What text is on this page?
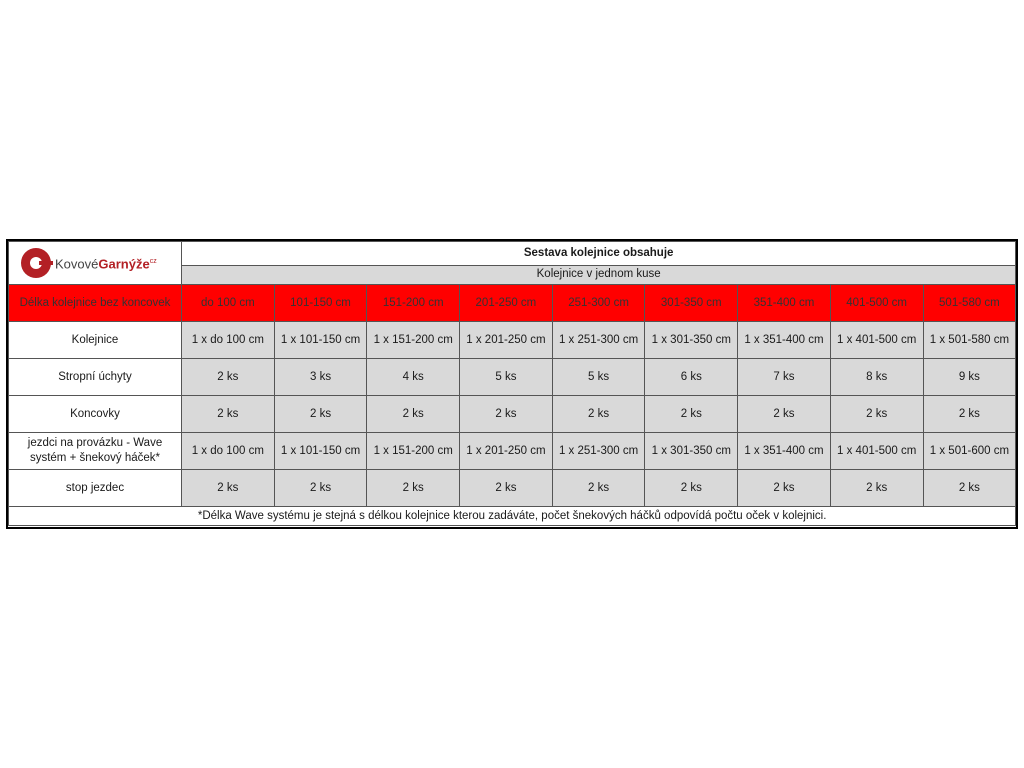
KovovéGarnýže$^{cz}$	Sestava kolejnice obsahuje								
	Kolejnice v jednom kuse								
Délka kolejnice bez koncovek	do 100 cm	101-150 cm	151-200 cm	201-250 cm	251-300 cm	301-350 cm	351-400 cm	401-500 cm	501-580 cm
Kolejnice	1 x do 100 cm	1 x 101-150 cm	1 x 151-200 cm	1 x 201-250 cm	1 x 251-300 cm	1 x 301-350 cm	1 x 351-400 cm	1 x 401-500 cm	1 x 501-580 cm
Stropní úchyty	2 ks	3 ks	4 ks	5 ks	5 ks	6 ks	7 ks	8 ks	9 ks
Koncovky	2 ks	2 ks	2 ks	2 ks	2 ks	2 ks	2 ks	2 ks	2 ks
jezdci na provázku - Wave systém + šnekový háček*	1 x do 100 cm	1 x 101-150 cm	1 x 151-200 cm	1 x 201-250 cm	1 x 251-300 cm	1 x 301-350 cm	1 x 351-400 cm	1 x 401-500 cm	1 x 501-600 cm
stop jezdec	2 ks	2 ks	2 ks	2 ks	2 ks	2 ks	2 ks	2 ks	2 ks
*Délka Wave systému je stejná s délkou kolejnice kterou zadáváte, počet šnekových háčků odpovídá počtu oček v kolejnici.									
